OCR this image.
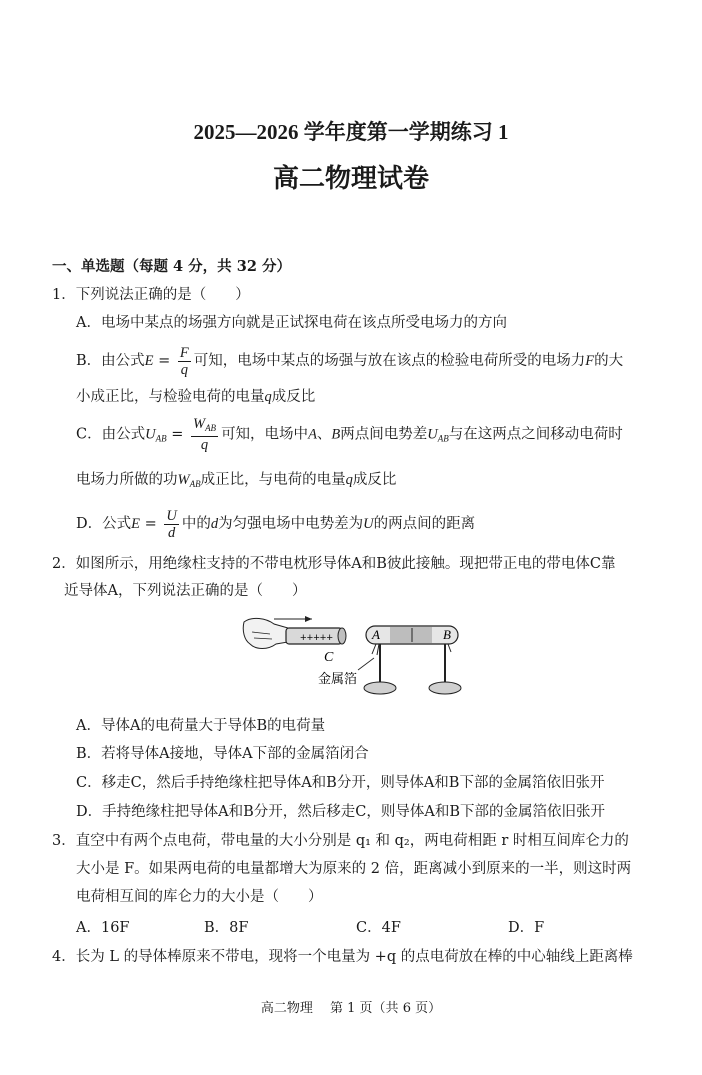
2025—2026 学年度第一学期练习 1
高二物理试卷
一、单选题（每题 4 分，共 32 分）
1．下列说法正确的是（　　）
A．电场中某点的场强方向就是正试探电荷在该点所受电场力的方向
B．由公式$E = \frac{F}{q}$ 可知，电场中某点的场强与放在该点的检验电荷所受的电场力F的大
小成正比，与检验电荷的电量q成反比
C．由公式$U_{AB} = \frac{W_{AB}}{q}$ 可知，电场中A、B两点间电势差$U_{AB}$与在这两点之间移动电荷时
电场力所做的功$W_{AB}$成正比，与电荷的电量q成反比
D．公式$E = \frac{U}{d}$ 中的d为匀强电场中电势差为U的两点间的距离
2．如图所示，用绝缘柱支持的不带电枕形导体A和B彼此接触。现把带正电的带电体C靠
近导体A，下列说法正确的是（　　）
+++++
C
A	B
金属箔
A．导体A的电荷量大于导体B的电荷量
B．若将导体A接地，导体A下部的金属箔闭合
C．移走C，然后手持绝缘柱把导体A和B分开，则导体A和B下部的金属箔依旧张开
D．手持绝缘柱把导体A和B分开，然后移走C，则导体A和B下部的金属箔依旧张开
3．直空中有两个点电荷，带电量的大小分别是 q₁ 和 q₂，两电荷相距 r 时相互间库仑力的
大小是 F。如果两电荷的电量都增大为原来的 2 倍，距离减小到原来的一半，则这时两
电荷相互间的库仑力的大小是（　　）
A．16F	B．8F	C．4F	D．F
4．长为 L 的导体棒原来不带电，现将一个电量为 +q 的点电荷放在棒的中心轴线上距离棒
高二物理　 第 1 页（共 6 页）
